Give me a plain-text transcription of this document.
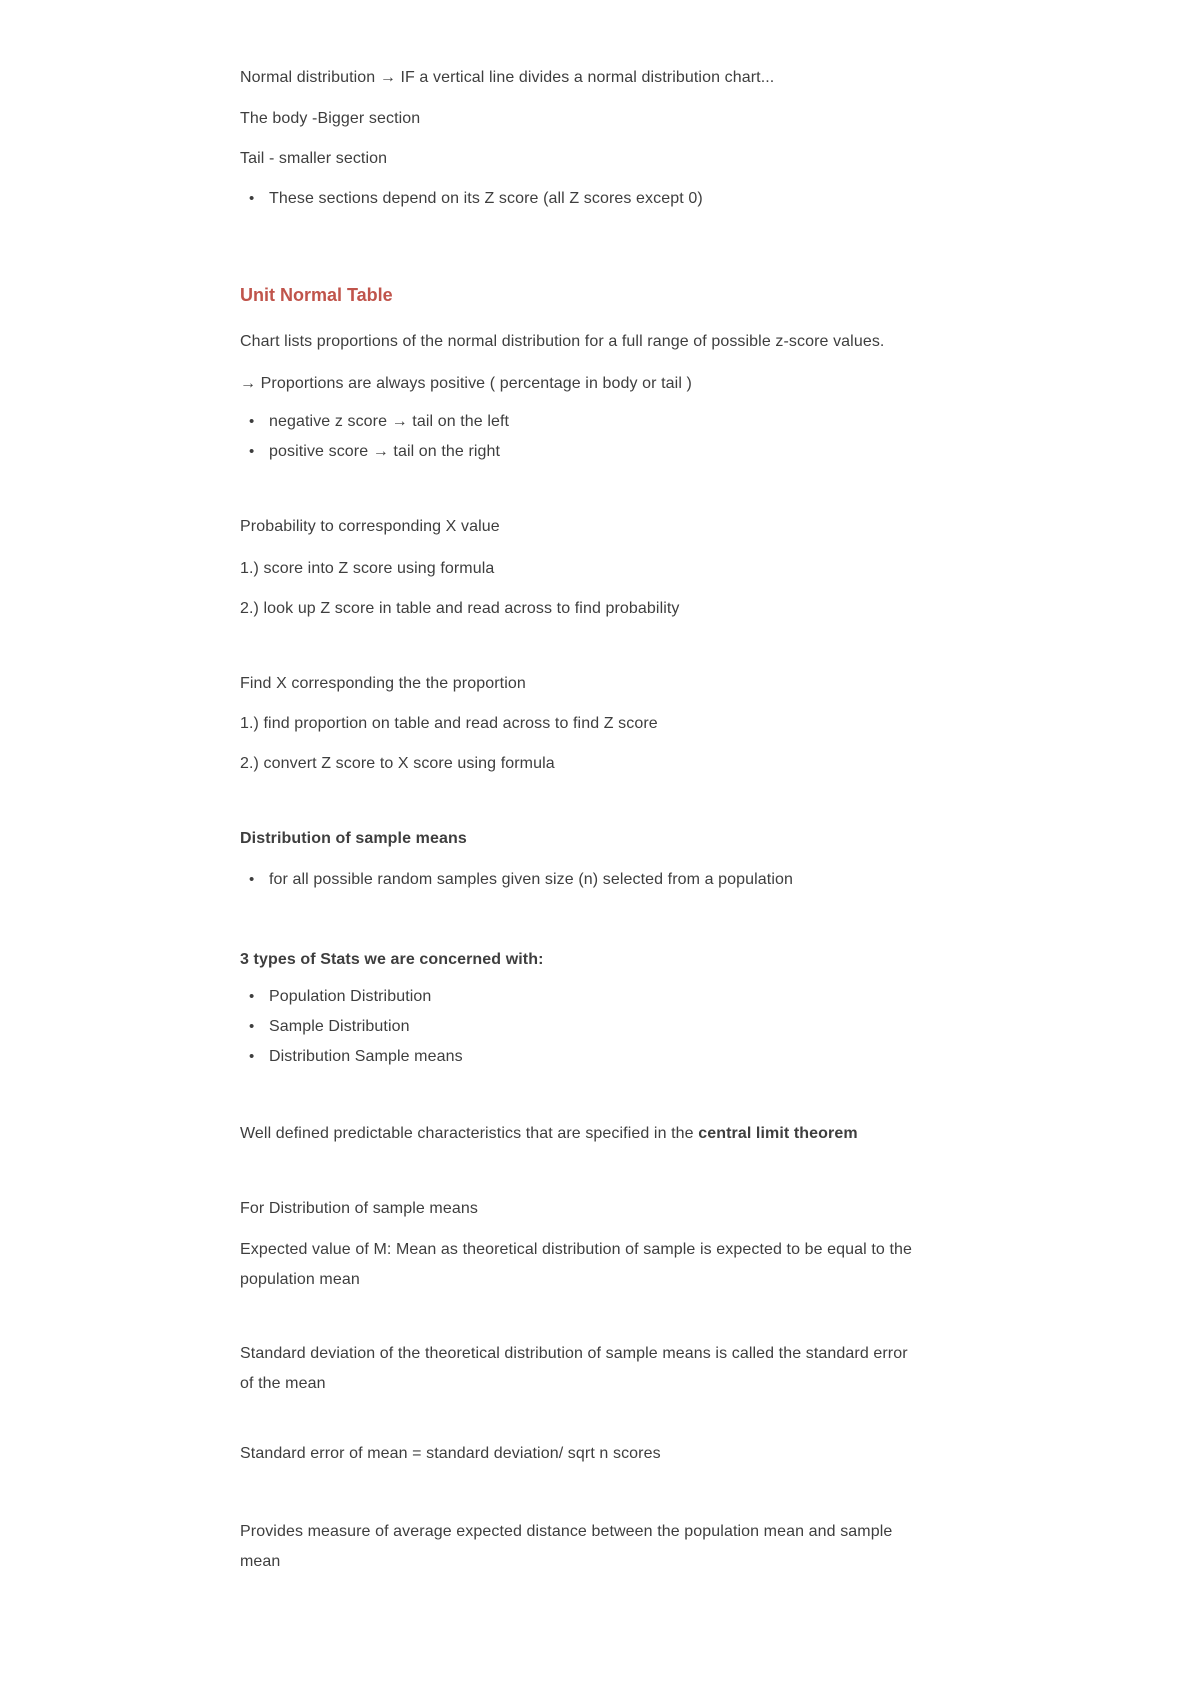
Normal distribution → IF a vertical line divides a normal distribution chart...

The body -Bigger section

Tail - smaller section

• These sections depend on its Z score (all Z scores except 0)
Unit Normal Table

Chart lists proportions of the normal distribution for a full range of possible z-score values.

→ Proportions are always positive ( percentage in body or tail )

• negative z score → tail on the left
• positive score → tail on the right

Probability to corresponding X value

1.) score into Z score using formula

2.) look up Z score in table and read across to find probability

Find X corresponding the the proportion

1.) find proportion on table and read across to find Z score

2.) convert Z score to X score using formula

Distribution of sample means

• for all possible random samples given size (n) selected from a population

3 types of Stats we are concerned with:

• Population Distribution
• Sample Distribution
• Distribution Sample means

Well defined predictable characteristics that are specified in the central limit theorem

For Distribution of sample means

Expected value of M: Mean as theoretical distribution of sample is expected to be equal to the population mean

Standard deviation of the theoretical distribution of sample means is called the standard error of the mean

Standard error of mean = standard deviation/ sqrt n scores

Provides measure of average expected distance between the population mean and sample mean
